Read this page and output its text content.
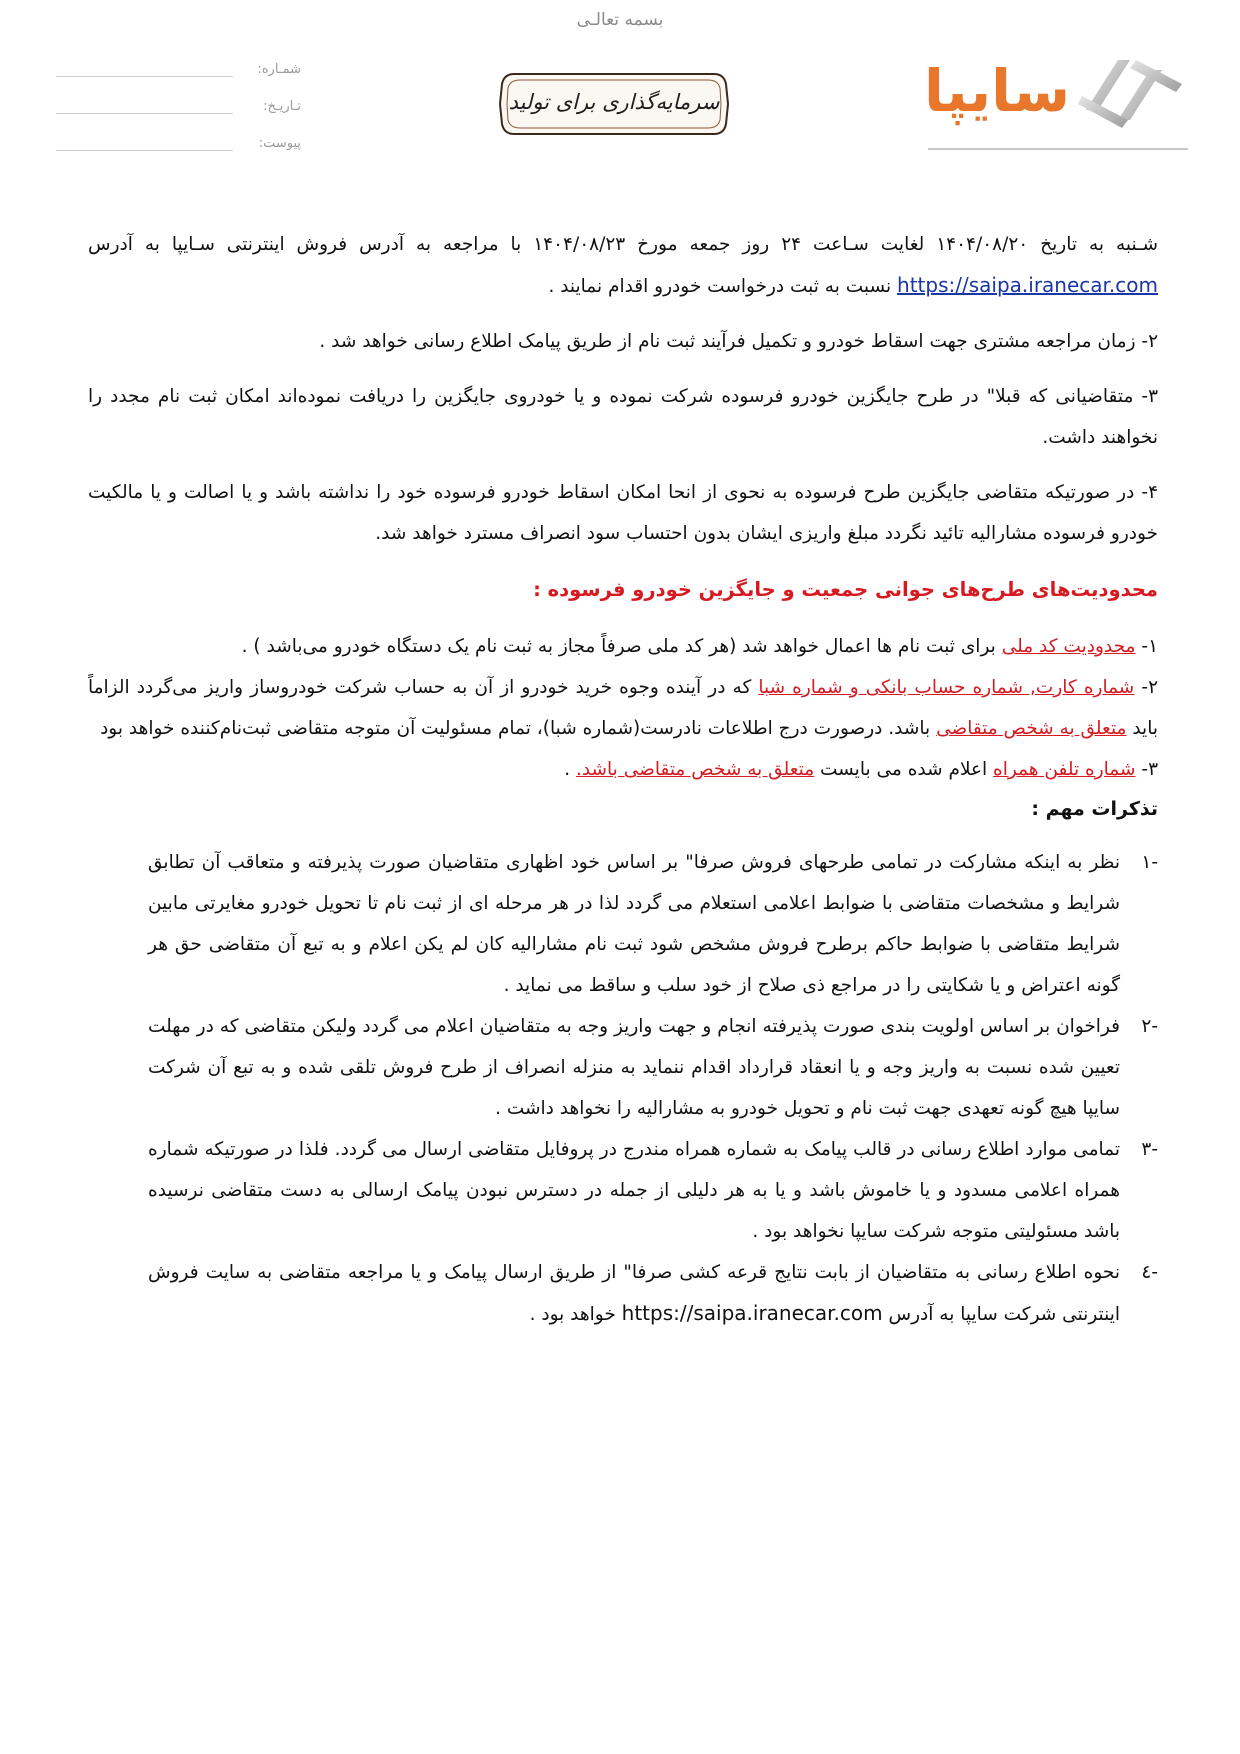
بسمه تعالـی
سایپا
سرمایه‌گذاری برای تولید
شمـاره:
تـاریـخ:
پیوست:

شـنبه به تاریخ ۱۴۰۴/۰۸/۲۰ لغایت سـاعت ۲۴ روز جمعه مورخ ۱۴۰۴/۰۸/۲۳ با مراجعه به آدرس فروش اینترنتی سـایپا به آدرس https://saipa.iranecar.com نسبت به ثبت درخواست خودرو اقدام نمایند .

۲- زمان مراجعه مشتری جهت اسقاط خودرو و تکمیل فرآیند ثبت نام از طریق پیامک اطلاع رسانی خواهد شد .

۳- متقاضیانی که قبلا" در طرح جایگزین خودرو فرسوده شرکت نموده و یا خودروی جایگزین را دریافت نموده‌اند امکان ثبت نام مجدد را نخواهند داشت.

۴- در صورتیکه متقاضی جایگزین طرح فرسوده به نحوی از انحا امکان اسقاط خودرو فرسوده خود را نداشته باشد و یا اصالت و یا مالکیت خودرو فرسوده مشارالیه تائید نگردد مبلغ واریزی ایشان بدون احتساب سود انصراف مسترد خواهد شد.

محدودیت‌های طرح‌های جوانی جمعیت و جایگزین خودرو فرسوده :

۱- محدودیت کد ملی برای ثبت نام ها اعمال خواهد شد (هر کد ملی صرفاً مجاز به ثبت نام یک دستگاه خودرو می‌باشد ) .

۲- شماره کارت, شماره حساب بانکی و شماره شبا که در آینده وجوه خرید خودرو از آن به حساب شرکت خودروساز واریز می‌گردد الزاماً باید متعلق به شخص متقاضی باشد. درصورت درج اطلاعات نادرست(شماره شبا)، تمام مسئولیت آن متوجه متقاضی ثبت‌نام‌کننده خواهد بود

۳- شماره تلفن همراه اعلام شده می بایست متعلق به شخص متقاضی باشد. .

تذکرات مهم :

-۱

نظر به اینکه مشارکت در تمامی طرحهای فروش صرفا" بر اساس خود اظهاری متقاضیان صورت پذیرفته و متعاقب آن تطابق شرایط و مشخصات متقاضی با ضوابط اعلامی استعلام می گردد لذا در هر مرحله ای از ثبت نام تا تحویل خودرو مغایرتی مابین شرایط متقاضی با ضوابط حاکم برطرح فروش مشخص شود ثبت نام مشارالیه کان لم یکن اعلام و به تبع آن متقاضی حق هر گونه اعتراض و یا شکایتی را در مراجع ذی صلاح از خود سلب و ساقط می نماید .

-۲

فراخوان بر اساس اولویت بندی صورت پذیرفته انجام و جهت واریز وجه به متقاضیان اعلام می گردد ولیکن متقاضی که در مهلت تعیین شده نسبت به واریز وجه و یا انعقاد قرارداد اقدام ننماید به منزله انصراف از طرح فروش تلقی شده و به تبع آن شرکت سایپا هیچ گونه تعهدی جهت ثبت نام و تحویل خودرو به مشارالیه را نخواهد داشت .

-۳

تمامی موارد اطلاع رسانی در قالب پیامک به شماره همراه مندرج در پروفایل متقاضی ارسال می گردد. فلذا در صورتیکه شماره همراه اعلامی مسدود و یا خاموش باشد و یا به هر دلیلی از جمله در دسترس نبودن پیامک ارسالی به دست متقاضی نرسیده باشد مسئولیتی متوجه شرکت سایپا نخواهد بود .

-٤

نحوه اطلاع رسانی به متقاضیان از بابت نتایج قرعه کشی صرفا" از طریق ارسال پیامک و یا مراجعه متقاضی به سایت فروش اینترنتی شرکت سایپا به آدرس https://saipa.iranecar.com خواهد بود .
